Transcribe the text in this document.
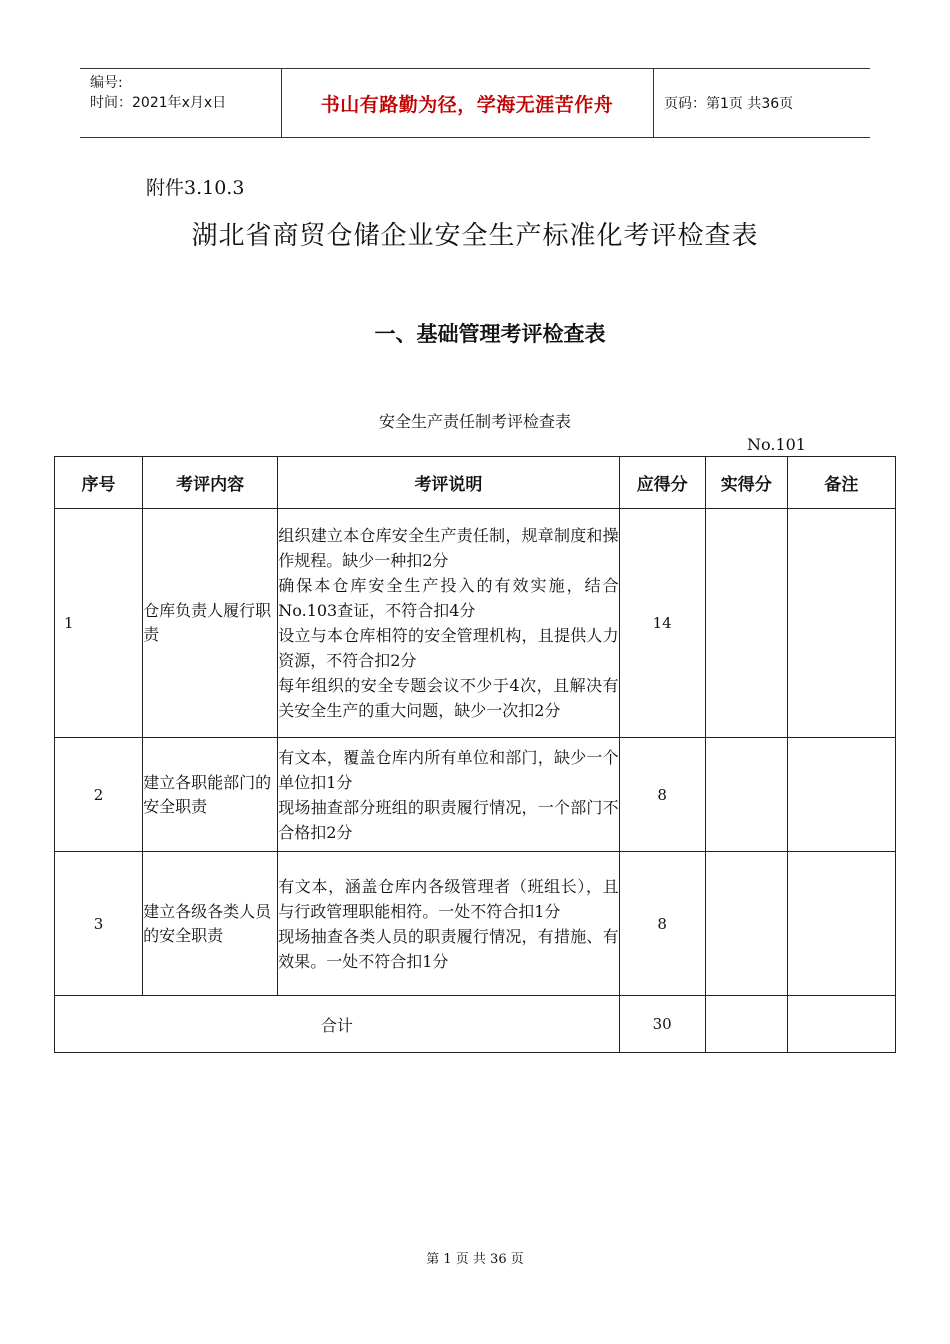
编号:
时间：2021年x月x日	书山有路勤为径，学海无涯苦作舟	页码：第1页 共36页
附件3.10.3
湖北省商贸仓储企业安全生产标准化考评检查表
一、基础管理考评检查表
安全生产责任制考评检查表
No.101
序号	考评内容	考评说明	应得分	实得分	备注
1	仓库负责人履行职责	组织建立本仓库安全生产责任制，规章制度和操作规程。缺少一种扣2分
确保本仓库安全生产投入的有效实施，结合No.103查证，不符合扣4分
设立与本仓库相符的安全管理机构，且提供人力资源，不符合扣2分
每年组织的安全专题会议不少于4次，且解决有关安全生产的重大问题，缺少一次扣2分	14		
2	建立各职能部门的安全职责	有文本，覆盖仓库内所有单位和部门，缺少一个单位扣1分
现场抽查部分班组的职责履行情况，一个部门不合格扣2分	8		
3	建立各级各类人员的安全职责	有文本，涵盖仓库内各级管理者（班组长），且与行政管理职能相符。一处不符合扣1分
现场抽查各类人员的职责履行情况，有措施、有效果。一处不符合扣1分	8		
合计			30		
第 1 页 共 36 页
